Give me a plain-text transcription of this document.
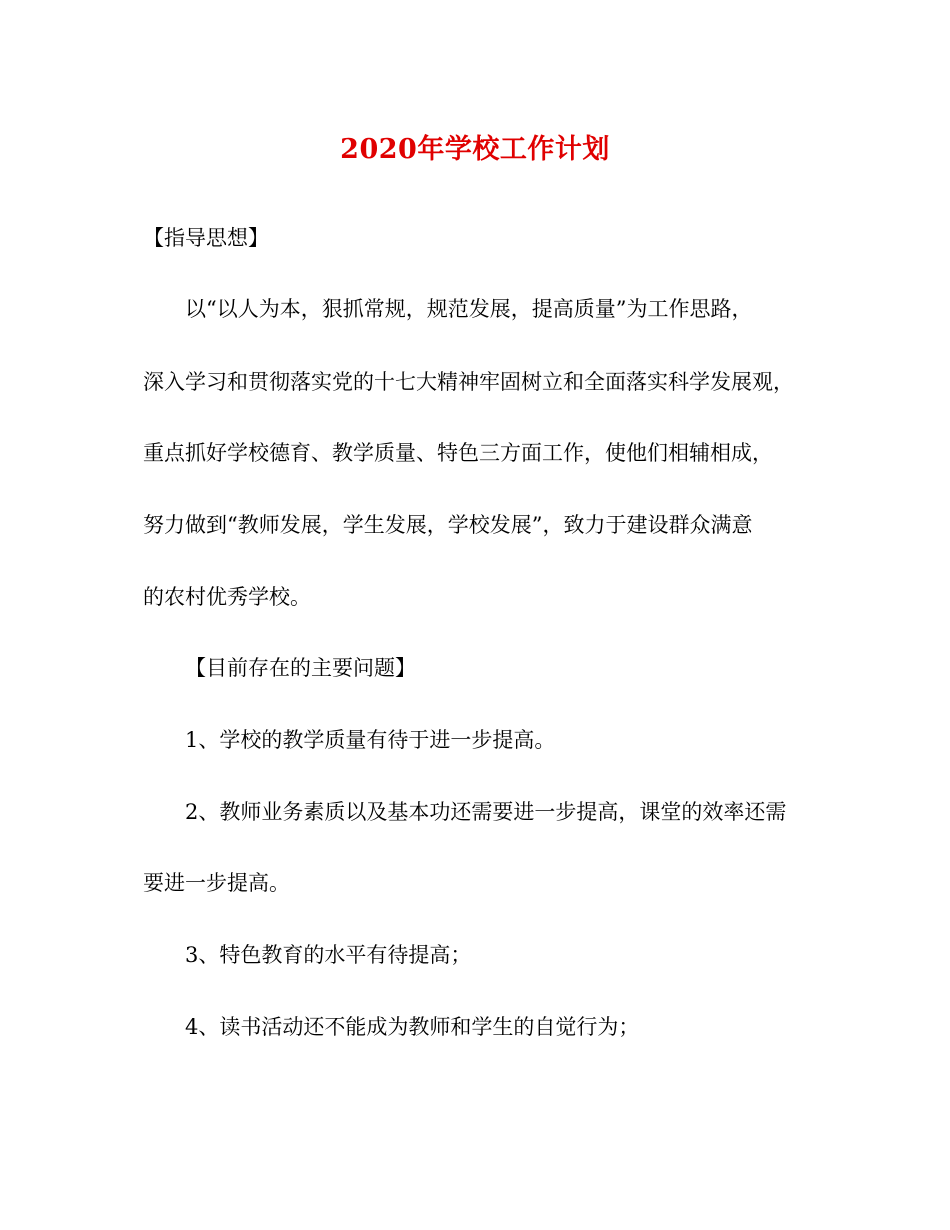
2020年学校工作计划
【指导思想】
以“以人为本，狠抓常规，规范发展，提高质量”为工作思路，
深入学习和贯彻落实党的十七大精神牢固树立和全面落实科学发展观，
重点抓好学校德育、教学质量、特色三方面工作，使他们相辅相成，
努力做到“教师发展，学生发展，学校发展”，致力于建设群众满意
的农村优秀学校。
【目前存在的主要问题】
1、学校的教学质量有待于进一步提高。
2、教师业务素质以及基本功还需要进一步提高，课堂的效率还需
要进一步提高。
3、特色教育的水平有待提高；
4、读书活动还不能成为教师和学生的自觉行为；
